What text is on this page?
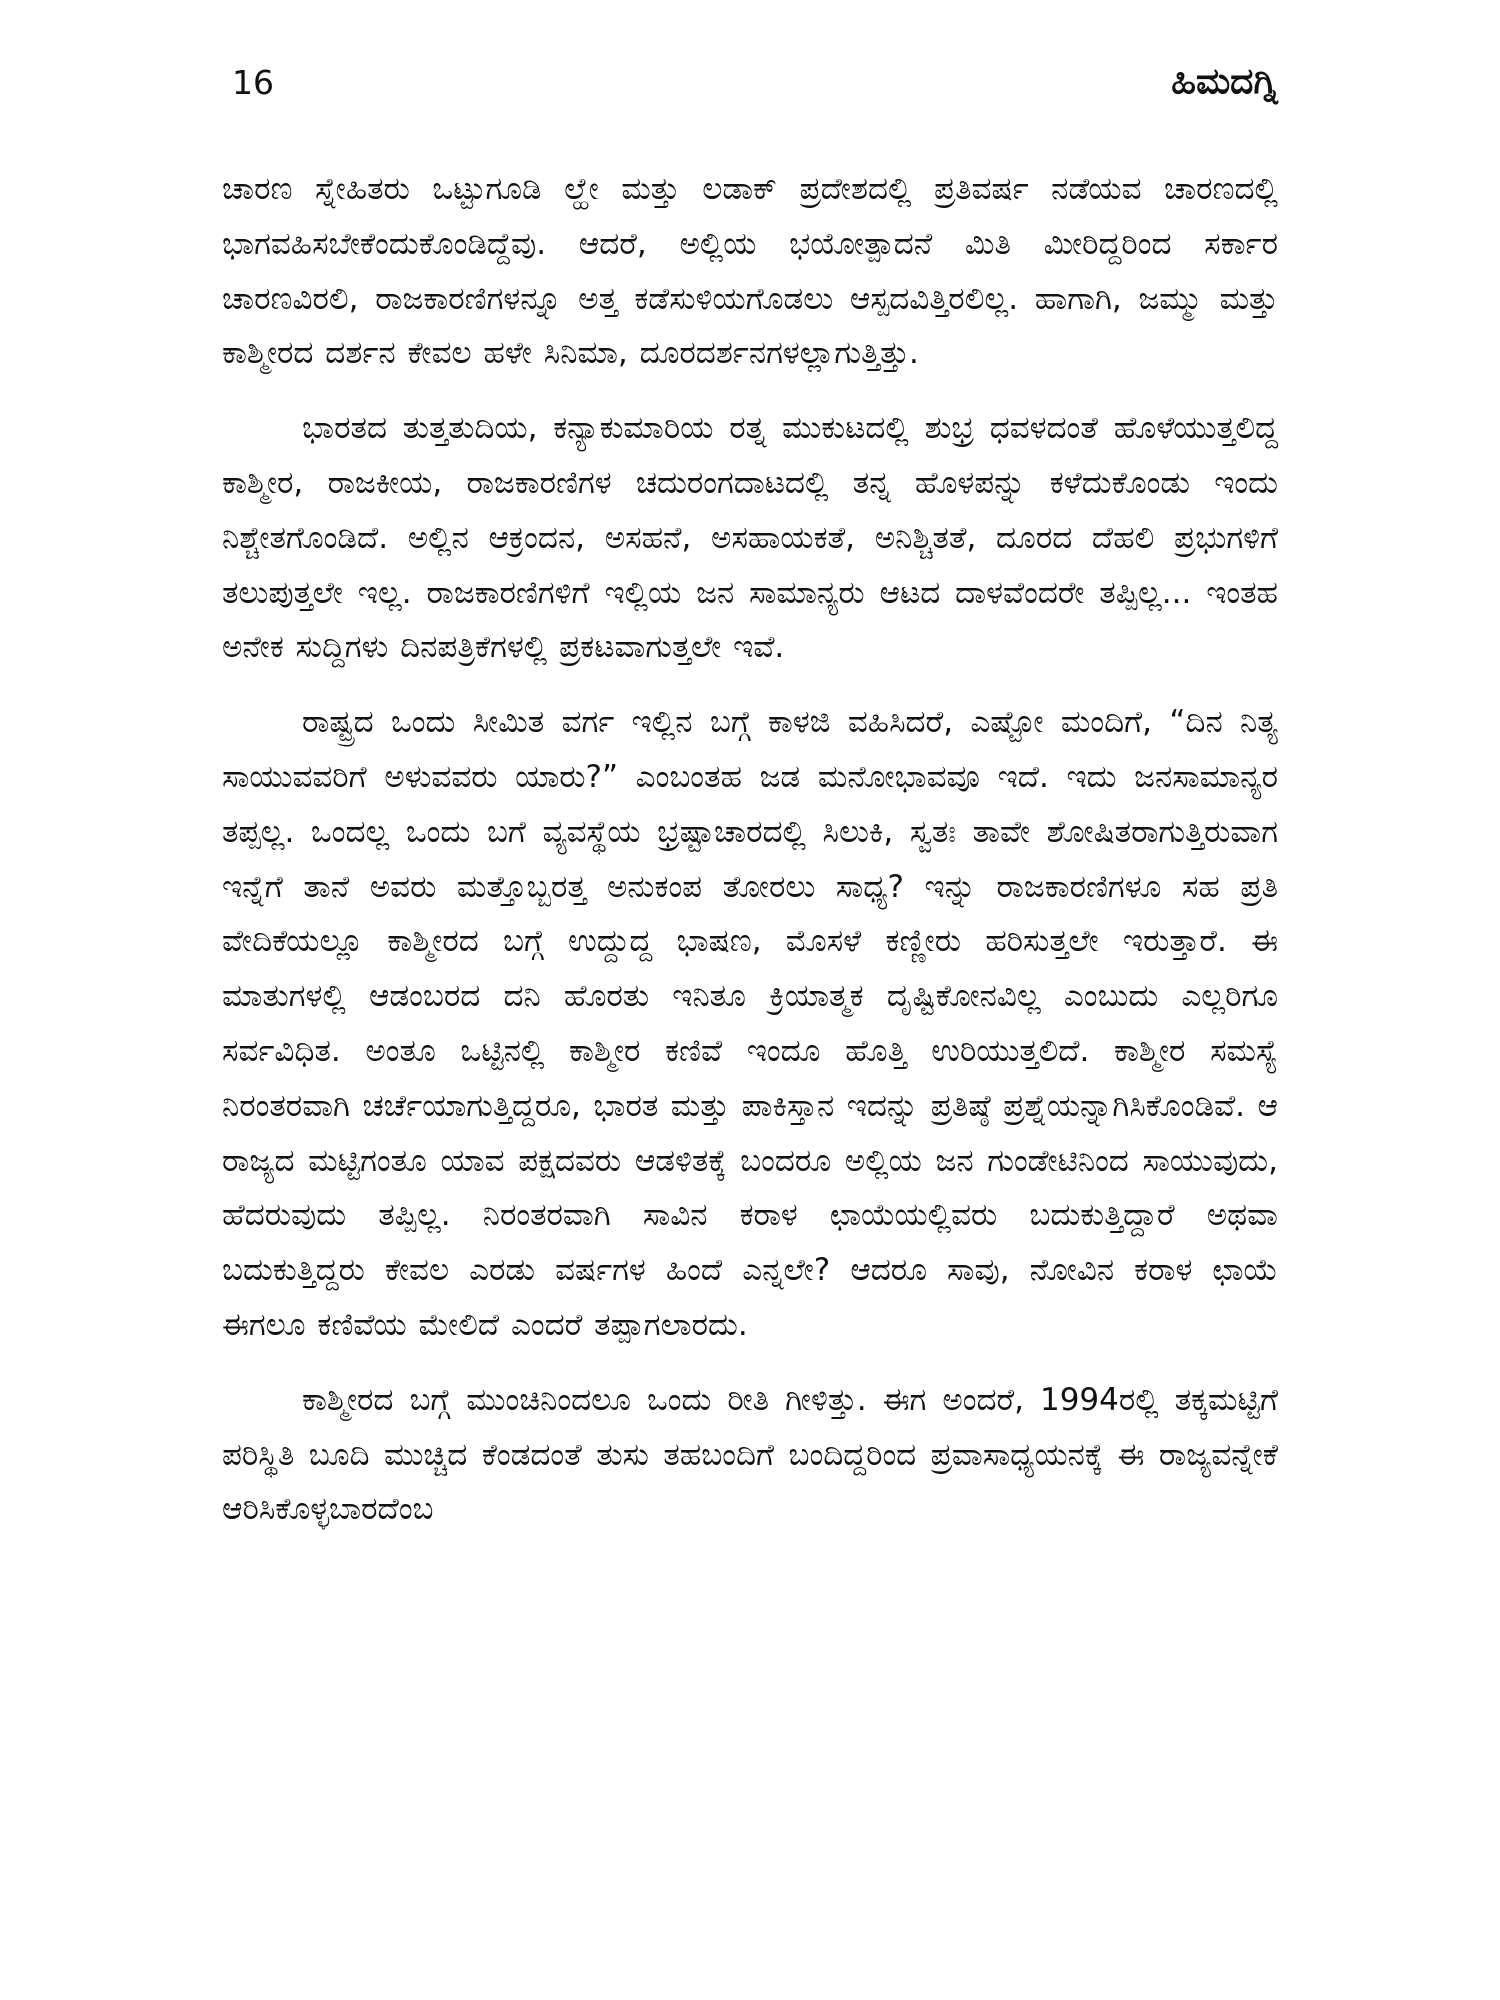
16	ಹಿಮದಗ್ನಿ

ಚಾರಣ ಸ್ನೇಹಿತರು ಒಟ್ಟುಗೂಡಿ ಲ್ಹೇ ಮತ್ತು ಲಡಾಕ್ ಪ್ರದೇಶದಲ್ಲಿ ಪ್ರತಿವರ್ಷ ನಡೆಯವ ಚಾರಣದಲ್ಲಿ ಭಾಗವಹಿಸಬೇಕೆಂದುಕೊಂಡಿದ್ದೆವು. ಆದರೆ, ಅಲ್ಲಿಯ ಭಯೋತ್ಪಾದನೆ ಮಿತಿ ಮೀರಿದ್ದರಿಂದ ಸರ್ಕಾರ ಚಾರಣವಿರಲಿ, ರಾಜಕಾರಣಿಗಳನ್ನೂ ಅತ್ತ ಕಡೆಸುಳಿಯಗೊಡಲು ಆಸ್ಪದವಿತ್ತಿರಲಿಲ್ಲ. ಹಾಗಾಗಿ, ಜಮ್ಮು ಮತ್ತು ಕಾಶ್ಮೀರದ ದರ್ಶನ ಕೇವಲ ಹಳೇ ಸಿನಿಮಾ, ದೂರದರ್ಶನಗಳಲ್ಲಾಗುತ್ತಿತ್ತು.

ಭಾರತದ ತುತ್ತತುದಿಯ, ಕನ್ಯಾಕುಮಾರಿಯ ರತ್ನ ಮುಕುಟದಲ್ಲಿ ಶುಭ್ರ ಧವಳದಂತೆ ಹೊಳೆಯುತ್ತಲಿದ್ದ ಕಾಶ್ಮೀರ, ರಾಜಕೀಯ, ರಾಜಕಾರಣಿಗಳ ಚದುರಂಗದಾಟದಲ್ಲಿ ತನ್ನ ಹೊಳಪನ್ನು ಕಳೆದುಕೊಂಡು ಇಂದು ನಿಶ್ಚೇತಗೊಂಡಿದೆ. ಅಲ್ಲಿನ ಆಕ್ರಂದನ, ಅಸಹನೆ, ಅಸಹಾಯಕತೆ, ಅನಿಶ್ಚಿತತೆ, ದೂರದ ದೆಹಲಿ ಪ್ರಭುಗಳಿಗೆ ತಲುಪುತ್ತಲೇ ಇಲ್ಲ. ರಾಜಕಾರಣಿಗಳಿಗೆ ಇಲ್ಲಿಯ ಜನ ಸಾಮಾನ್ಯರು ಆಟದ ದಾಳವೆಂದರೇ ತಪ್ಪಿಲ್ಲ... ಇಂತಹ ಅನೇಕ ಸುದ್ದಿಗಳು ದಿನಪತ್ರಿಕೆಗಳಲ್ಲಿ ಪ್ರಕಟವಾಗುತ್ತಲೇ ಇವೆ.

ರಾಷ್ಟ್ರದ ಒಂದು ಸೀಮಿತ ವರ್ಗ ಇಲ್ಲಿನ ಬಗ್ಗೆ ಕಾಳಜಿ ವಹಿಸಿದರೆ, ಎಷ್ಟೋ ಮಂದಿಗೆ, “ದಿನ ನಿತ್ಯ ಸಾಯುವವರಿಗೆ ಅಳುವವರು ಯಾರು?” ಎಂಬಂತಹ ಜಡ ಮನೋಭಾವವೂ ಇದೆ. ಇದು ಜನಸಾಮಾನ್ಯರ ತಪ್ಪಲ್ಲ. ಒಂದಲ್ಲ ಒಂದು ಬಗೆ ವ್ಯವಸ್ಥೆಯ ಭ್ರಷ್ಟಾಚಾರದಲ್ಲಿ ಸಿಲುಕಿ, ಸ್ವತಃ ತಾವೇ ಶೋಷಿತರಾಗುತ್ತಿರುವಾಗ ಇನ್ನೆಗೆ ತಾನೆ ಅವರು ಮತ್ತೊಬ್ಬರತ್ತ ಅನುಕಂಪ ತೋರಲು ಸಾಧ್ಯ? ಇನ್ನು ರಾಜಕಾರಣಿಗಳೂ ಸಹ ಪ್ರತಿ ವೇದಿಕೆಯಲ್ಲೂ ಕಾಶ್ಮೀರದ ಬಗ್ಗೆ ಉದ್ದುದ್ದ ಭಾಷಣ, ಮೊಸಳೆ ಕಣ್ಣೀರು ಹರಿಸುತ್ತಲೇ ಇರುತ್ತಾರೆ. ಈ ಮಾತುಗಳಲ್ಲಿ ಆಡಂಬರದ ದನಿ ಹೊರತು ಇನಿತೂ ಕ್ರಿಯಾತ್ಮಕ ದೃಷ್ಟಿಕೋನವಿಲ್ಲ ಎಂಬುದು ಎಲ್ಲರಿಗೂ ಸರ್ವವಿಧಿತ. ಅಂತೂ ಒಟ್ಟಿನಲ್ಲಿ ಕಾಶ್ಮೀರ ಕಣಿವೆ ಇಂದೂ ಹೊತ್ತಿ ಉರಿಯುತ್ತಲಿದೆ. ಕಾಶ್ಮೀರ ಸಮಸ್ಯೆ ನಿರಂತರವಾಗಿ ಚರ್ಚೆಯಾಗುತ್ತಿದ್ದರೂ, ಭಾರತ ಮತ್ತು ಪಾಕಿಸ್ತಾನ ಇದನ್ನು ಪ್ರತಿಷ್ಠೆ ಪ್ರಶ್ನೆಯನ್ನಾಗಿಸಿಕೊಂಡಿವೆ. ಆ ರಾಜ್ಯದ ಮಟ್ಟಿಗಂತೂ ಯಾವ ಪಕ್ಷದವರು ಆಡಳಿತಕ್ಕೆ ಬಂದರೂ ಅಲ್ಲಿಯ ಜನ ಗುಂಡೇಟಿನಿಂದ ಸಾಯುವುದು, ಹೆದರುವುದು ತಪ್ಪಿಲ್ಲ. ನಿರಂತರವಾಗಿ ಸಾವಿನ ಕರಾಳ ಛಾಯೆಯಲ್ಲಿವರು ಬದುಕುತ್ತಿದ್ದಾರೆ ಅಥವಾ ಬದುಕುತ್ತಿದ್ದರು ಕೇವಲ ಎರಡು ವರ್ಷಗಳ ಹಿಂದೆ ಎನ್ನಲೇ? ಆದರೂ ಸಾವು, ನೋವಿನ ಕರಾಳ ಛಾಯೆ ಈಗಲೂ ಕಣಿವೆಯ ಮೇಲಿದೆ ಎಂದರೆ ತಪ್ಪಾಗಲಾರದು.

ಕಾಶ್ಮೀರದ ಬಗ್ಗೆ ಮುಂಚಿನಿಂದಲೂ ಒಂದು ರೀತಿ ಗೀಳಿತ್ತು. ಈಗ ಅಂದರೆ, 1994ರಲ್ಲಿ ತಕ್ಕಮಟ್ಟಿಗೆ ಪರಿಸ್ಥಿತಿ ಬೂದಿ ಮುಚ್ಚಿದ ಕೆಂಡದಂತೆ ತುಸು ತಹಬಂದಿಗೆ ಬಂದಿದ್ದರಿಂದ ಪ್ರವಾಸಾಧ್ಯಯನಕ್ಕೆ ಈ ರಾಜ್ಯವನ್ನೇಕೆ ಆರಿಸಿಕೊಳ್ಳಬಾರದೆಂಬ
